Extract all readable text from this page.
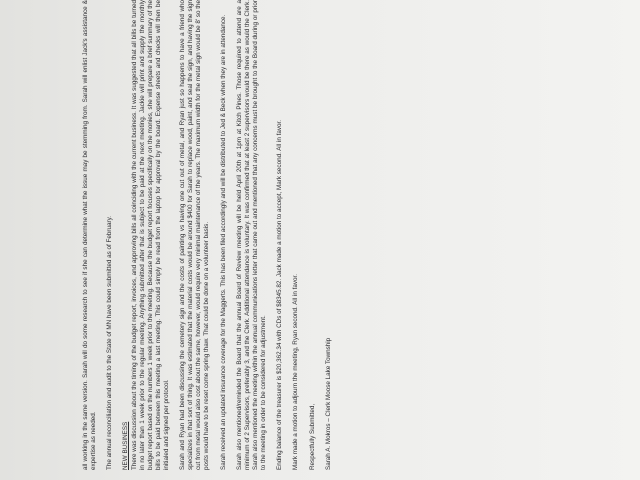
all working in the same version. Sarah will do some research to see if she can determine what the issue may be stemming from. Sarah will enlist Jack's assistance & expertise as needed. The annual reconciliation and audit to the State of MN have been submitted as of February. NEW BUSINESS There was discussion about the timing of the budget report, invoices, and approving bills all coinciding with the current business. It was suggested that all bills be turned in no later than 1 week prior to the regular meeting. Anything submitted after that is subject to be paid at the next meeting. Jackie will print and supply the monthly budget report based on the numbers 1 week prior to the meeting. Because the budget report focuses specifically on the monies, she will prepare a brief summary of the bills to be paid between this meeting a last meeting. This could simply be read from the laptop for approval by the board. Expense sheets and checks will then be initialed and signed per protocol. Sarah and Ryan had been discussing the cemetery sign and the costs of painting vs having one cut out of metal, and Ryan just so happens to have a friend who specializes in that sort of thing. It was estimated that the material costs would be around $400 for Sarah to replace wood, paint, and seal the sign, and having the sign cut from metal would also cost about the same, however, would require very minimal maintenance of the years. The maximum width for the metal sign would be 8' so the posts would have to be reset come spring thaw. That could be done on a volunteer basis. Sarah received an updated insurance coverage for the Maggerts. This has been filed accordingly and will be distributed to Jed & Beck when they are in attendance. Sarah also mentioned/reminded the Board that the annual Board of Review meeting will be held April 20th at 1pm at Kitch Pines. Those required to attend are a minimum of 2 Supervisors, preferably 3, and the Clerk. Additional attendance is voluntary. It was confirmed that at least 2 supervisors would be there as would the Clerk. Sarah also mentioned the meeting within the annual communications letter that came out and mentioned that any concerns must be brought to the Board during or prior to the meeting in order to be considered for adjustment. Ending balance of the treasurer is $20,362.34 with CDs of $8345.82. Jack made a motion to accept, Mark second. All in favor. Mark made a motion to adjourn the meeting, Ryan second. All in favor. Respectfully Submitted, Sarah A. Mokros – Clerk Moose Lake Township
